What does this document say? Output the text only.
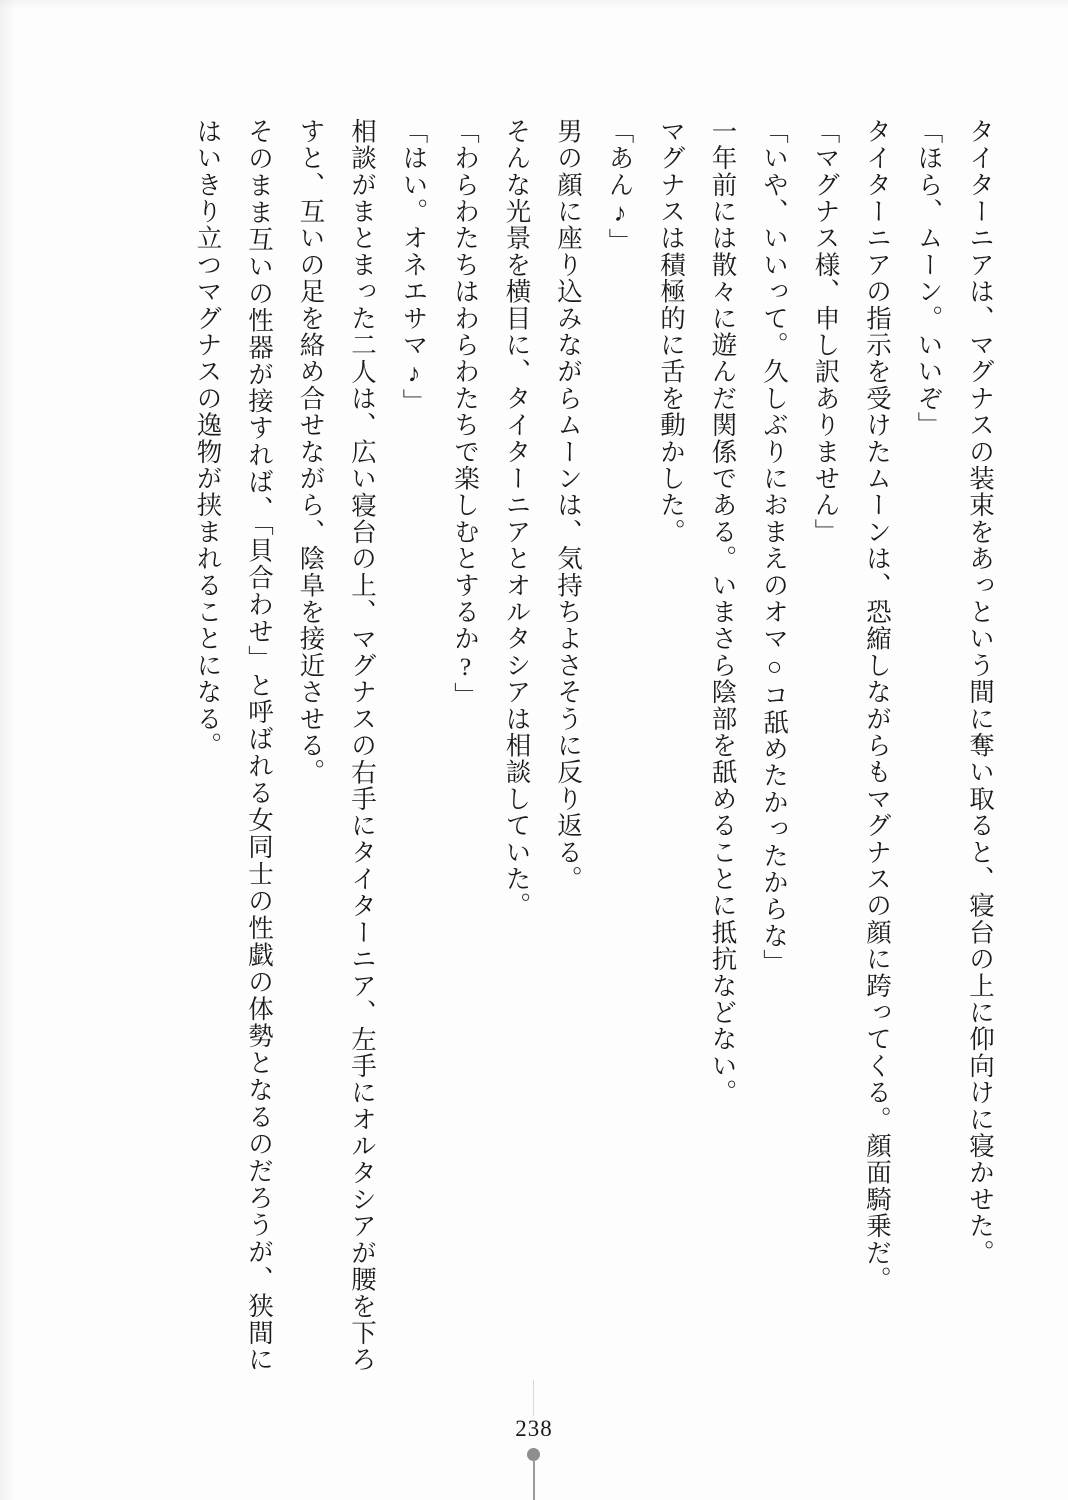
タイターニアは、マグナスの装束をあっという間に奪い取ると、寝台の上に仰向けに寝かせた。

「ほら、ムーン。いいぞ」

タイターニアの指示を受けたムーンは、恐縮しながらもマグナスの顔に跨ってくる。顔面騎乗だ。

「マグナス様、申し訳ありません」

「いや、いいって。久しぶりにおまえのオマ○コ舐めたかったからな」

一年前には散々に遊んだ関係である。いまさら陰部を舐めることに抵抗などない。

マグナスは積極的に舌を動かした。

「あん♪」

男の顔に座り込みながらムーンは、気持ちよさそうに反り返る。

そんな光景を横目に、タイターニアとオルタシアは相談していた。

「わらわたちはわらわたちで楽しむとするか?」

「はい。オネエサマ♪」

相談がまとまった二人は、広い寝台の上、マグナスの右手にタイターニア、左手にオルタシアが腰を下ろすと、互いの足を絡め合せながら、陰阜を接近させる。

そのまま互いの性器が接すれば、「貝合わせ」と呼ばれる女同士の性戯の体勢となるのだろうが、狭間にはいきり立つマグナスの逸物が挟まれることになる。

238
